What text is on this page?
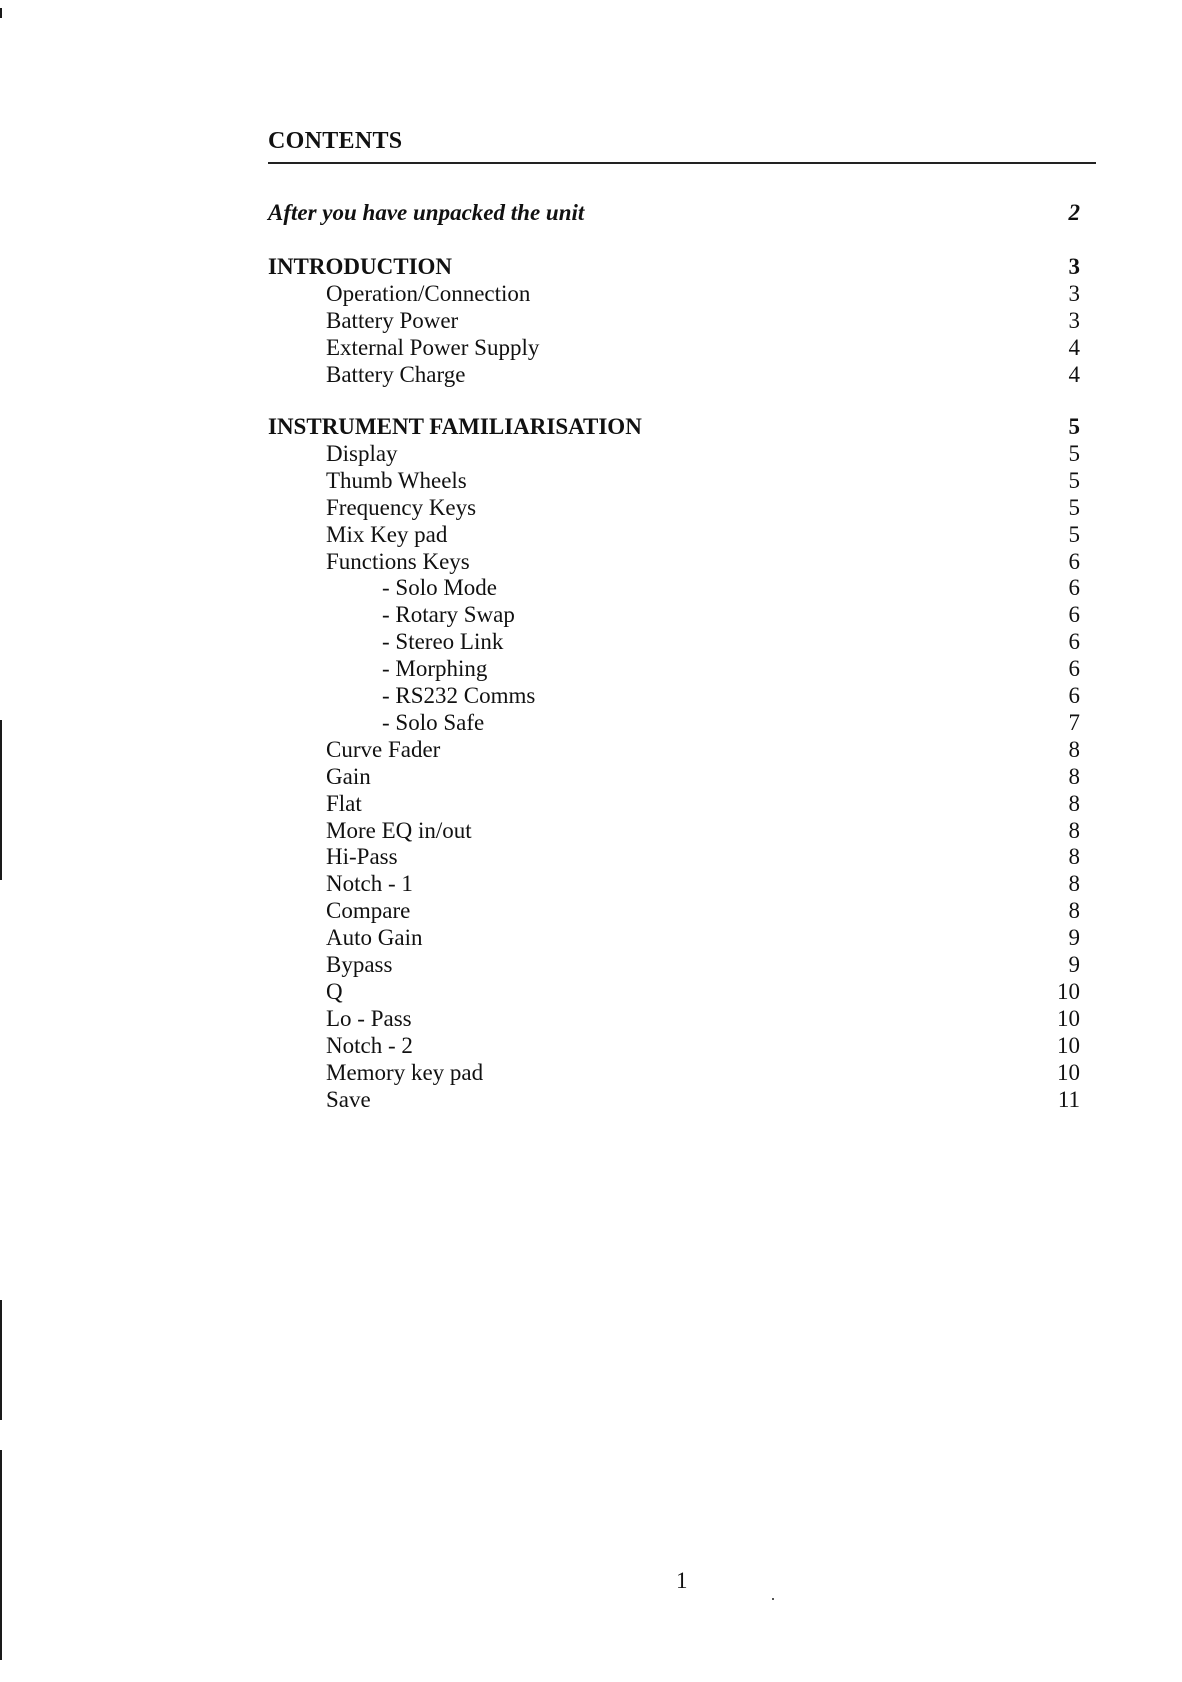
CONTENTS
After you have unpacked the unit	2
INTRODUCTION	3
Operation/Connection	3
Battery Power	3
External Power Supply	4
Battery Charge	4
INSTRUMENT FAMILIARISATION	5
Display	5
Thumb Wheels	5
Frequency Keys	5
Mix Key pad	5
Functions Keys	6
- Solo Mode	6
- Rotary Swap	6
- Stereo Link	6
- Morphing	6
- RS232 Comms	6
- Solo Safe	7
Curve Fader	8
Gain	8
Flat	8
More EQ in/out	8
Hi-Pass	8
Notch - 1	8
Compare	8
Auto Gain	9
Bypass	9
Q	10
Lo - Pass	10
Notch - 2	10
Memory key pad	10
Save	11
1
